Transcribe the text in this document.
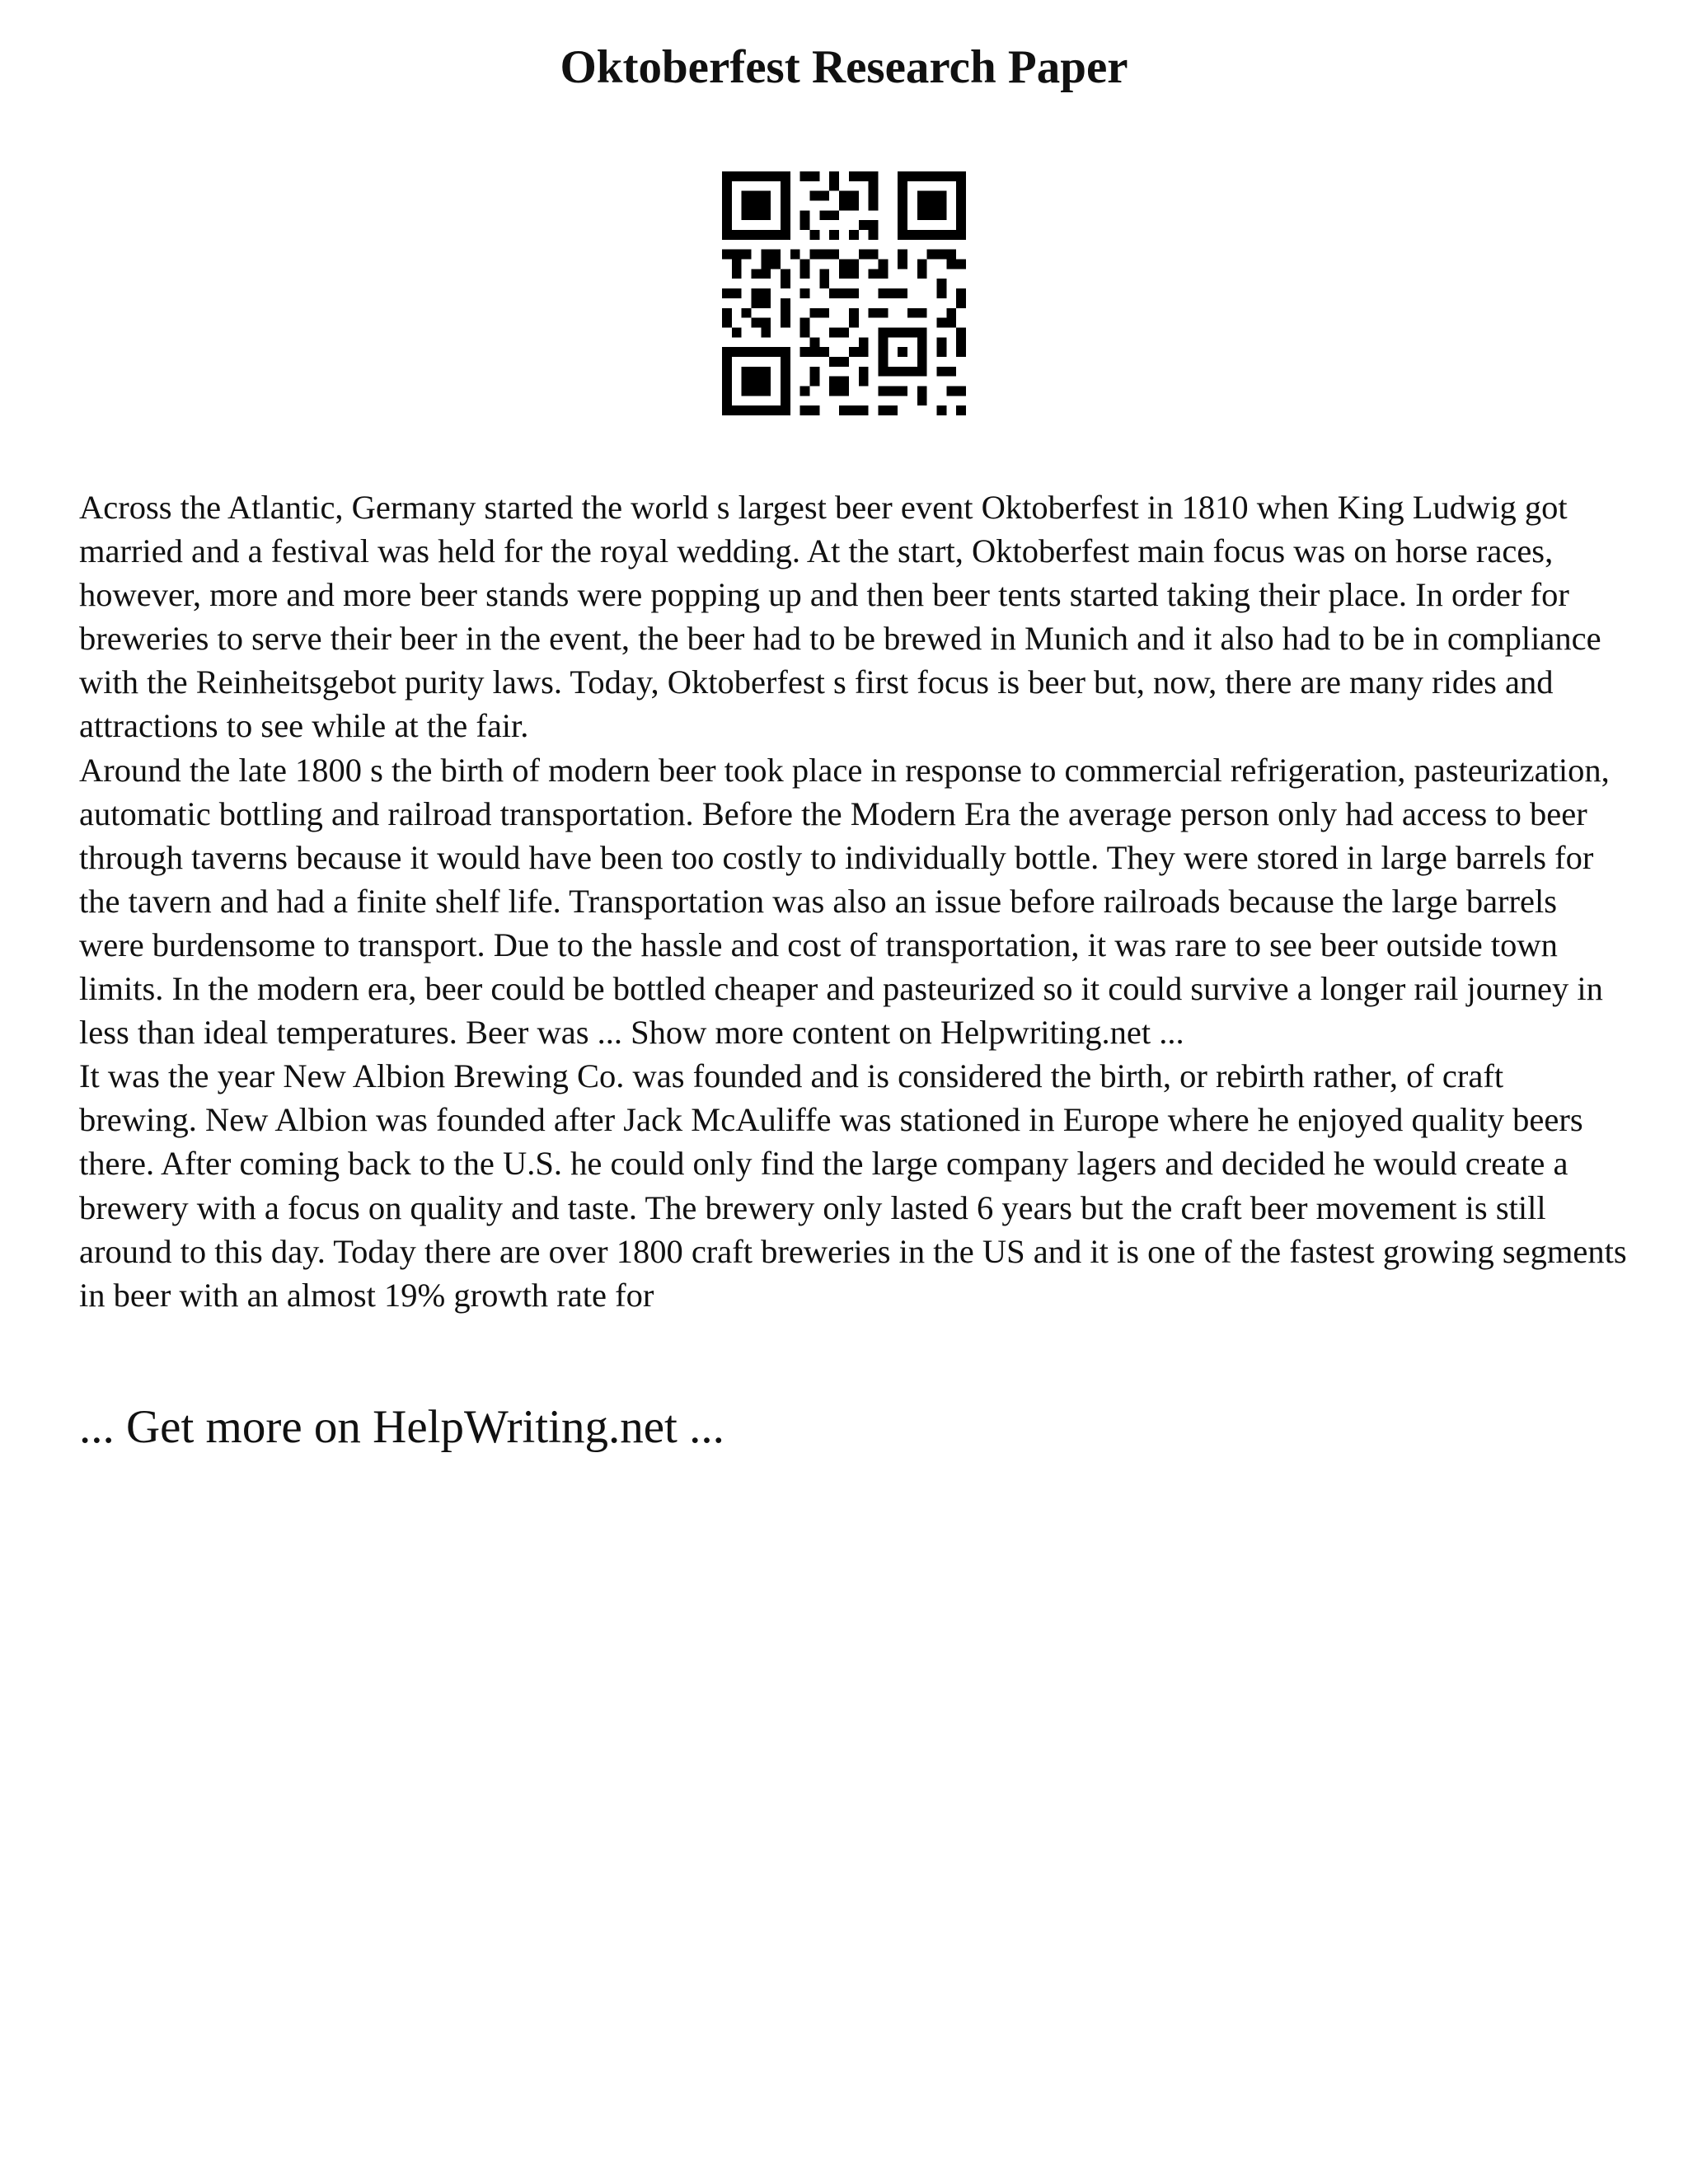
Oktoberfest Research Paper

Across the Atlantic, Germany started the world s largest beer event Oktoberfest in 1810 when King Ludwig got married and a festival was held for the royal wedding. At the start, Oktoberfest main focus was on horse races, however, more and more beer stands were popping up and then beer tents started taking their place. In order for breweries to serve their beer in the event, the beer had to be brewed in Munich and it also had to be in compliance with the Reinheitsgebot purity laws. Today, Oktoberfest s first focus is beer but, now, there are many rides and attractions to see while at the fair.

Around the late 1800 s the birth of modern beer took place in response to commercial refrigeration, pasteurization, automatic bottling and railroad transportation. Before the Modern Era the average person only had access to beer through taverns because it would have been too costly to individually bottle. They were stored in large barrels for the tavern and had a finite shelf life. Transportation was also an issue before railroads because the large barrels were burdensome to transport. Due to the hassle and cost of transportation, it was rare to see beer outside town limits. In the modern era, beer could be bottled cheaper and pasteurized so it could survive a longer rail journey in less than ideal temperatures. Beer was ... Show more content on Helpwriting.net ...

It was the year New Albion Brewing Co. was founded and is considered the birth, or rebirth rather, of craft brewing. New Albion was founded after Jack McAuliffe was stationed in Europe where he enjoyed quality beers there. After coming back to the U.S. he could only find the large company lagers and decided he would create a brewery with a focus on quality and taste. The brewery only lasted 6 years but the craft beer movement is still around to this day. Today there are over 1800 craft breweries in the US and it is one of the fastest growing segments in beer with an almost 19% growth rate for

... Get more on HelpWriting.net ...
